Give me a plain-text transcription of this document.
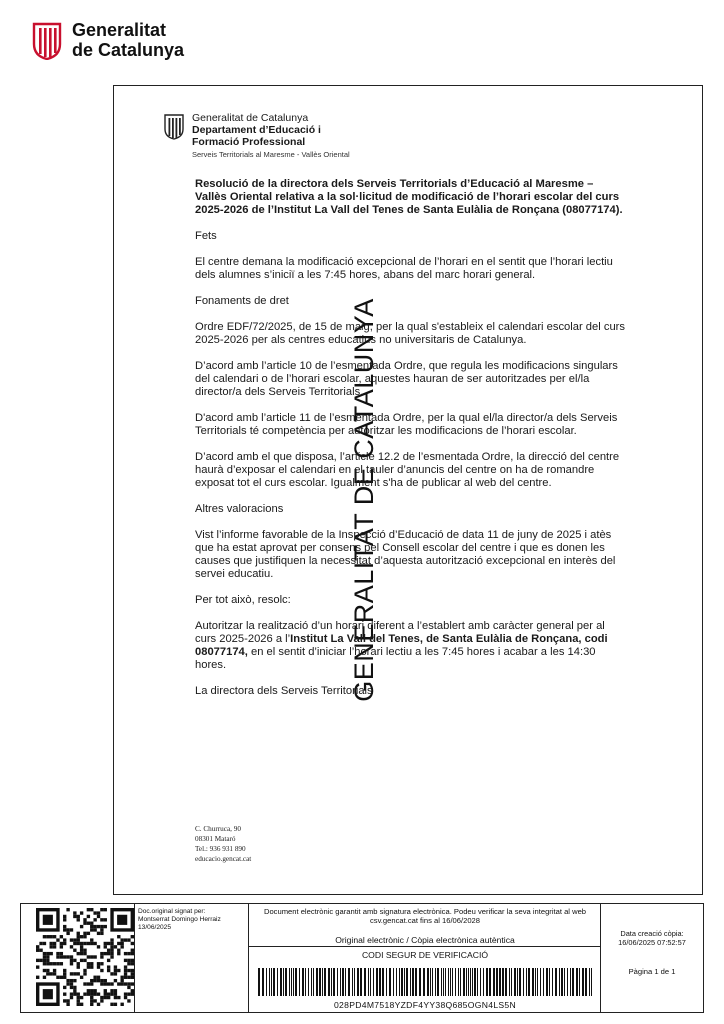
Generalitat
de Catalunya
GENERALITAT DE CATALUNYA
Generalitat de Catalunya
Departament d’Educació i
Formació Professional
Serveis Territorials al Maresme - Vallès Oriental

Resolució de la directora dels Serveis Territorials d’Educació al Maresme – Vallès Oriental relativa a la sol·licitud de modificació de l’horari escolar del curs 2025-2026 de l’Institut La Vall del Tenes de Santa Eulàlia de Ronçana (08077174).

Fets

El centre demana la modificació excepcional de l’horari en el sentit que l’horari lectiu dels alumnes s’iniciï a les 7:45 hores, abans del marc horari general.

Fonaments de dret

Ordre EDF/72/2025, de 15 de maig, per la qual s'estableix el calendari escolar del curs 2025-2026 per als centres educatius no universitaris de Catalunya.

D’acord amb l’article 10 de l’esmentada Ordre, que regula les modificacions singulars del calendari o de l’horari escolar, aquestes hauran de ser autoritzades per el/la director/a dels Serveis Territorials.

D'acord amb l’article 11 de l’esmentada Ordre, per la qual el/la director/a dels Serveis Territorials té competència per autoritzar les modificacions de l’horari escolar.

D’acord amb el que disposa, l’article 12.2 de l’esmentada Ordre, la direcció del centre haurà d’exposar el calendari en el tauler d’anuncis del centre on ha de romandre exposat tot el curs escolar. Igualment s'ha de publicar al web del centre.

Altres valoracions

Vist l’informe favorable de la Inspecció d’Educació de data 11 de juny de 2025 i atès que ha estat aprovat per consens pel Consell escolar del centre i que es donen les causes que justifiquen la necessitat d’aquesta autorització excepcional en interès del servei educatiu.

Per tot això, resolc:

Autoritzar la realització d’un horari diferent a l’establert amb caràcter general per al curs 2025-2026 a l’Institut La Vall del Tenes, de Santa Eulàlia de Ronçana, codi 08077174, en el sentit d’iniciar l’horari lectiu a les 7:45 hores i acabar a les 14:30 hores.

La directora dels Serveis Territorials

C. Churruca, 90
08301 Mataró
Tel.: 936 931 890
educacio.gencat.cat
Doc.original signat per:
Montserrat Domingo Herraiz
13/06/2025
Document electrònic garantit amb signatura electrònica. Podeu verificar la seva integritat al web csv.gencat.cat fins al 16/06/2028
Original electrònic / Còpia electrònica autèntica
CODI SEGUR DE VERIFICACIÓ
028PD4M7518YZDF4YY38Q685OGN4LS5N
Data creació còpia:
16/06/2025 07:52:57
Pàgina 1 de 1
